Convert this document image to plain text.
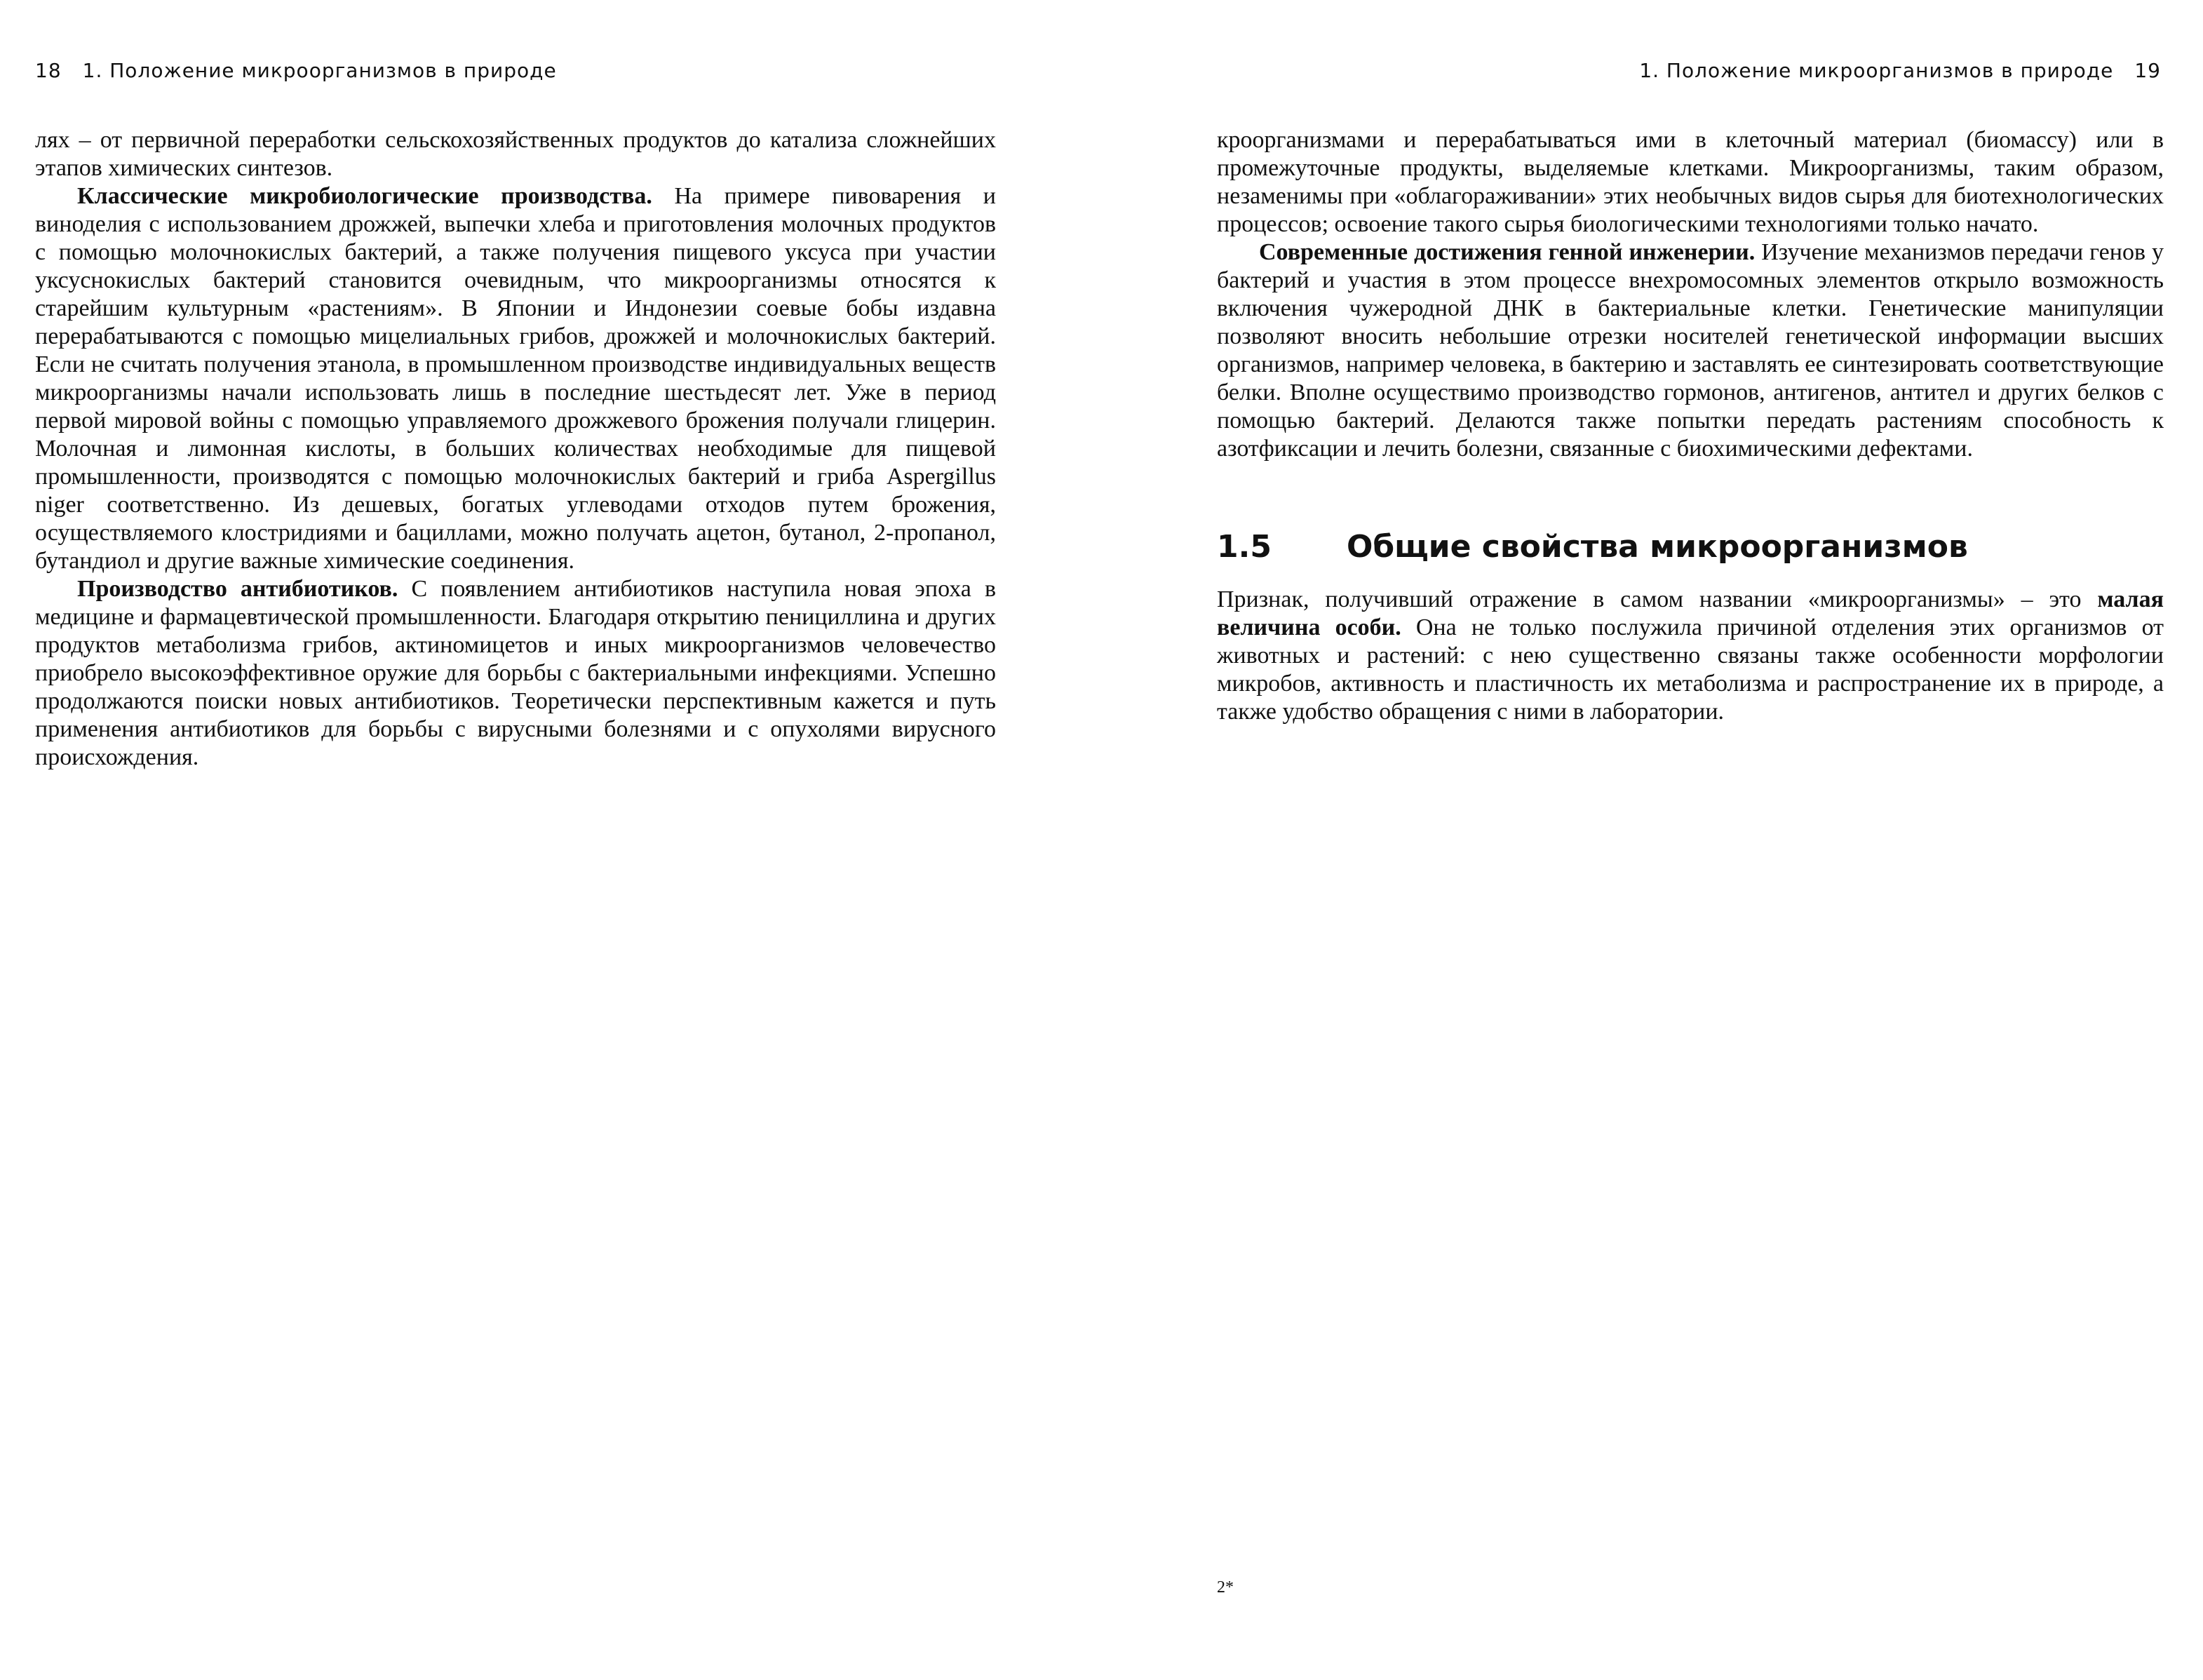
18 1. Положение микроорганизмов в природе

лях – от первичной переработки сельскохозяйственных продуктов до катализа сложнейших этапов химических синтезов.

Классические микробиологические производства. На примере пивоварения и виноделия с использованием дрожжей, выпечки хлеба и приготовления молочных продуктов с помощью молочнокислых бактерий, а также получения пищевого уксуса при участии уксуснокислых бактерий становится очевидным, что микроорганизмы относятся к старейшим культурным «растениям». В Японии и Индонезии соевые бобы издавна перерабатываются с помощью мицелиальных грибов, дрожжей и молочнокислых бактерий. Если не считать получения этанола, в промышленном производстве индивидуальных веществ микроорганизмы начали использовать лишь в последние шестьдесят лет. Уже в период первой мировой войны с помощью управляемого дрожжевого брожения получали глицерин. Молочная и лимонная кислоты, в больших количествах необходимые для пищевой промышленности, производятся с помощью молочнокислых бактерий и гриба Aspergillus niger соответственно. Из дешевых, богатых углеводами отходов путем брожения, осуществляемого клостридиями и бациллами, можно получать ацетон, бутанол, 2-пропанол, бутандиол и другие важные химические соединения.

Производство антибиотиков. С появлением антибиотиков наступила новая эпоха в медицине и фармацевтической промышленности. Благодаря открытию пенициллина и других продуктов метаболизма грибов, актиномицетов и иных микроорганизмов человечество приобрело высокоэффективное оружие для борьбы с бактериальными инфекциями. Успешно продолжаются поиски новых антибиотиков. Теоретически перспективным кажется и путь применения антибиотиков для борьбы с вирусными болезнями и с опухолями вирусного происхождения.

1. Положение микроорганизмов в природе 19

кроорганизмами и перерабатываться ими в клеточный материал (биомассу) или в промежуточные продукты, выделяемые клетками. Микроорганизмы, таким образом, незаменимы при «облагораживании» этих необычных видов сырья для биотехнологических процессов; освоение такого сырья биологическими технологиями только начато.

Современные достижения генной инженерии. Изучение механизмов передачи генов у бактерий и участия в этом процессе внехромосомных элементов открыло возможность включения чужеродной ДНК в бактериальные клетки. Генетические манипуляции позволяют вносить небольшие отрезки носителей генетической информации высших организмов, например человека, в бактерию и заставлять ее синтезировать соответствующие белки. Вполне осуществимо производство гормонов, антигенов, антител и других белков с помощью бактерий. Делаются также попытки передать растениям способность к азотфиксации и лечить болезни, связанные с биохимическими дефектами.

1.5 Общие свойства микроорганизмов

Признак, получивший отражение в самом названии «микроорганизмы» – это малая величина особи. Она не только послужила причиной отделения этих организмов от животных и растений: с нею существенно связаны также особенности морфологии микробов, активность и пластичность их метаболизма и распространение их в природе, а также удобство обращения с ними в лаборатории.

2*
